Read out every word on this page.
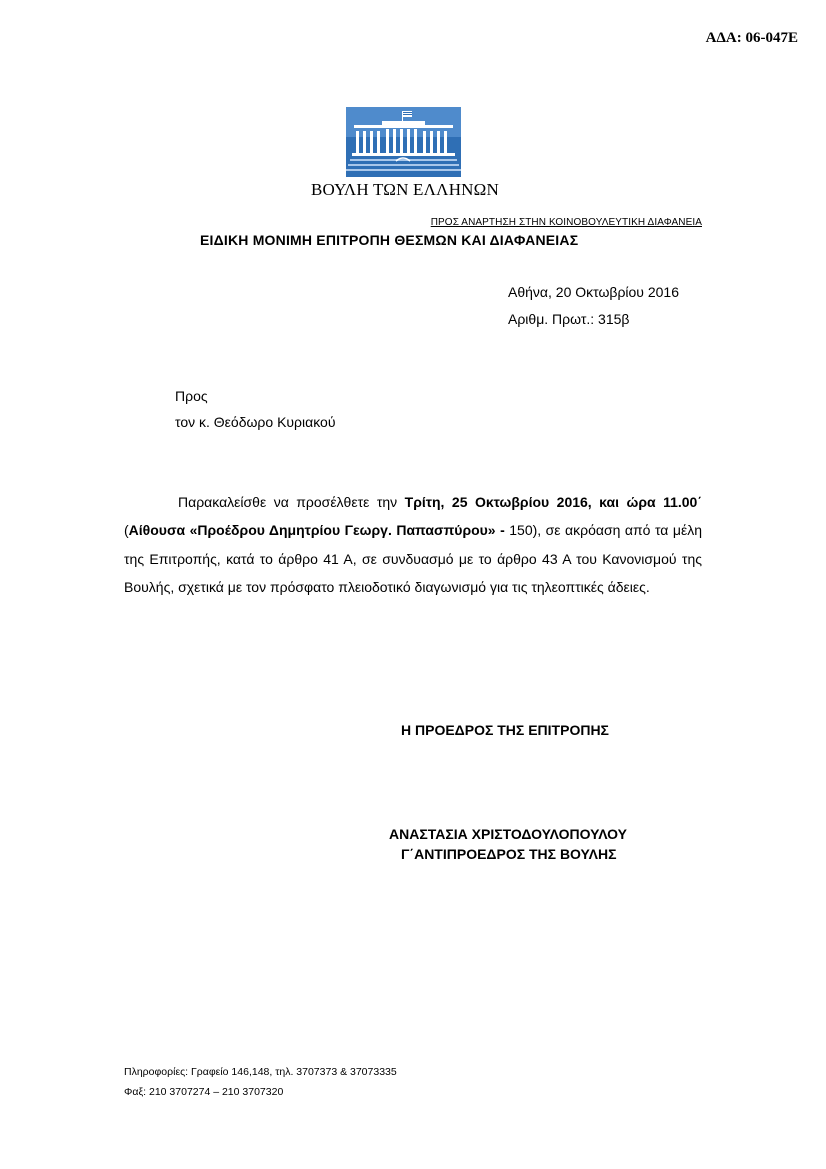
ΑΔΑ: 06-047Ε
ΒΟΥΛΗ ΤΩΝ ΕΛΛΗΝΩΝ
ΠΡΟΣ ΑΝΑΡΤΗΣΗ ΣΤΗΝ ΚΟΙΝΟΒΟΥΛΕΥΤΙΚΗ ΔΙΑΦΑΝΕΙΑ
ΕΙΔΙΚΗ ΜΟΝΙΜΗ ΕΠΙΤΡΟΠΗ ΘΕΣΜΩΝ ΚΑΙ ΔΙΑΦΑΝΕΙΑΣ
Αθήνα, 20 Οκτωβρίου 2016
Αριθμ. Πρωτ.: 315β
Προς
τον κ. Θεόδωρο Κυριακού
Παρακαλείσθε να προσέλθετε την Τρίτη, 25 Οκτωβρίου 2016, και ώρα 11.00΄ (Αίθουσα «Προέδρου Δημητρίου Γεωργ. Παπασπύρου» - 150), σε ακρόαση από τα μέλη της Επιτροπής, κατά το άρθρο 41 Α, σε συνδυασμό με το άρθρο 43 Α του Κανονισμού της Βουλής, σχετικά με τον πρόσφατο πλειοδοτικό διαγωνισμό για τις τηλεοπτικές άδειες.
Η ΠΡΟΕΔΡΟΣ ΤΗΣ ΕΠΙΤΡΟΠΗΣ
ΑΝΑΣΤΑΣΙΑ ΧΡΙΣΤΟΔΟΥΛΟΠΟΥΛΟΥ
Γ΄ΑΝΤΙΠΡΟΕΔΡΟΣ ΤΗΣ ΒΟΥΛΗΣ
Πληροφορίες: Γραφείο 146,148, τηλ. 3707373 & 37073335
Φαξ: 210 3707274 – 210 3707320
